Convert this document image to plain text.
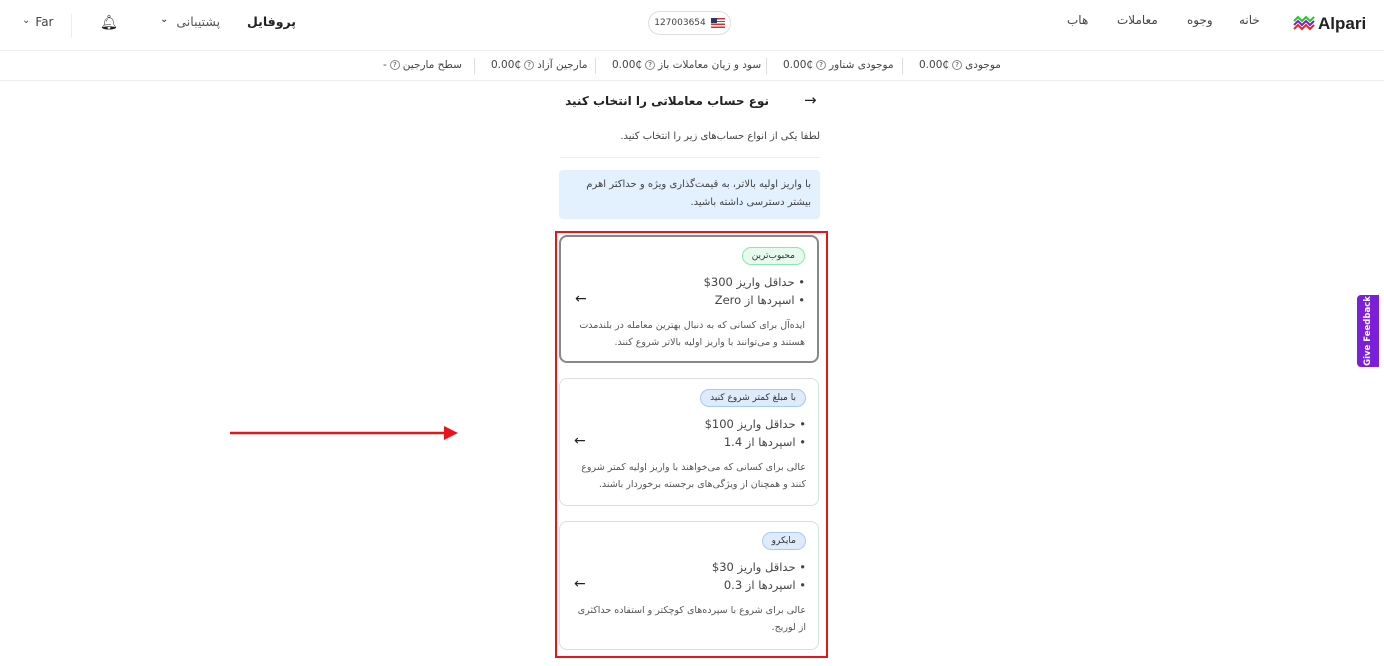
Alpari
خانه
وجوه
معاملات
هاب
127003654
پروفایل
⌄ پشتیبانی
🔔︎
⌄ Far
موجودی?₵0.00
موجودی شناور?₵0.00
سود و زیان معاملات باز?₵0.00
مارجین آزاد?₵0.00
سطح مارجین?-
→
نوع حساب معاملاتی را انتخاب کنید
لطفا یکی از انواع حساب‌های زیر را انتخاب کنید.
با واریز اولیه بالاتر، به قیمت‌گذاری ویژه و حداکثر اهرم بیشتر دسترسی داشته باشید.
محبوب‌ترین
• حداقل واریز 300$
• اسپردها از Zero
ایده‌آل برای کسانی که به دنبال بهترین معامله در بلندمدت هستند و می‌توانند با واریز اولیه بالاتر شروع کنند.
←
با مبلغ کمتر شروع کنید
• حداقل واریز 100$
• اسپردها از 1.4
عالی برای کسانی که می‌خواهند با واریز اولیه کمتر شروع کنند و همچنان از ویژگی‌های برجسته برخوردار باشند.
←
مایکرو
• حداقل واریز 30$
• اسپردها از 0.3
عالی برای شروع با سپرده‌های کوچکتر و استفاده حداکثری از لوریج.
←
Give Feedback
